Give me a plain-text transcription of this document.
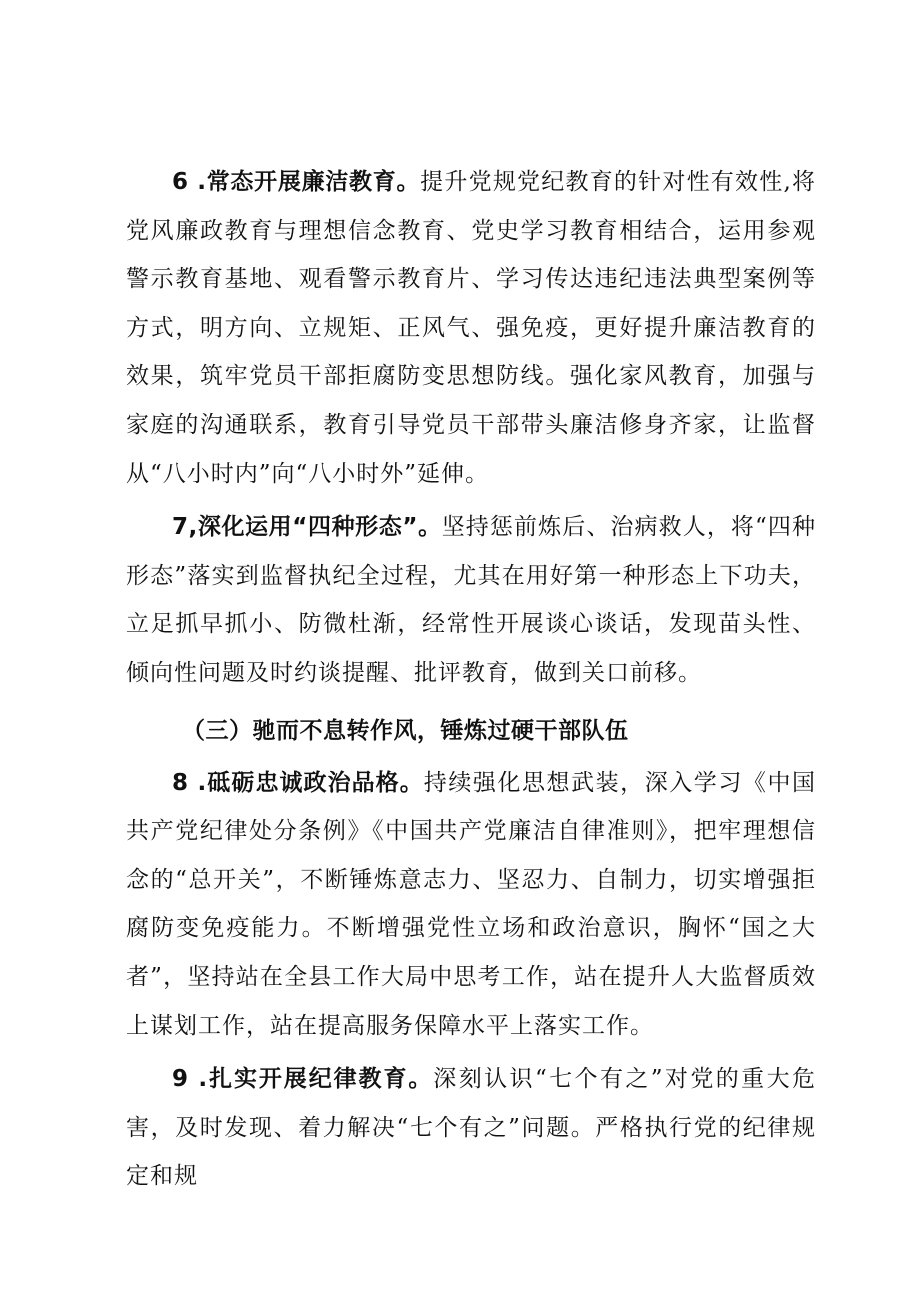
6 .常态开展廉洁教育。提升党规党纪教育的针对性有效性,将党风廉政教育与理想信念教育、党史学习教育相结合，运用参观警示教育基地、观看警示教育片、学习传达违纪违法典型案例等方式，明方向、立规矩、正风气、强免疫，更好提升廉洁教育的效果，筑牢党员干部拒腐防变思想防线。强化家风教育，加强与家庭的沟通联系，教育引导党员干部带头廉洁修身齐家，让监督从“八小时内”向“八小时外”延伸。

7,深化运用“四种形态”。坚持惩前炼后、治病救人，将“四种形态”落实到监督执纪全过程，尤其在用好第一种形态上下功夫，立足抓早抓小、防微杜渐，经常性开展谈心谈话，发现苗头性、倾向性问题及时约谈提醒、批评教育，做到关口前移。

（三）驰而不息转作风，锤炼过硬干部队伍

8 .砥砺忠诚政治品格。持续强化思想武装，深入学习《中国共产党纪律处分条例》《中国共产党廉洁自律准则》，把牢理想信念的“总开关”，不断锤炼意志力、坚忍力、自制力，切实增强拒腐防变免疫能力。不断增强党性立场和政治意识，胸怀“国之大者”，坚持站在全县工作大局中思考工作，站在提升人大监督质效上谋划工作，站在提高服务保障水平上落实工作。

9 .扎实开展纪律教育。深刻认识“七个有之”对党的重大危害，及时发现、着力解决“七个有之”问题。严格执行党的纪律规定和规
